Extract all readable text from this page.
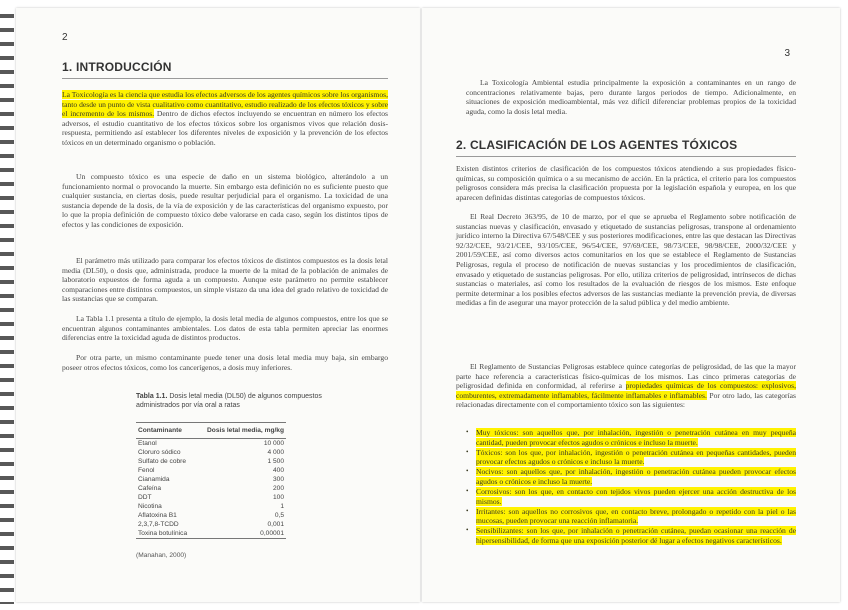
2
1. INTRODUCCIÓN

La Toxicología es la ciencia que estudia los efectos adversos de los agentes químicos sobre los organismos, tanto desde un punto de vista cualitativo como cuantitativo, estudio realizado de los efectos tóxicos y sobre el incremento de los mismos. Dentro de dichos efectos incluyendo se encuentran en número los efectos adversos, el estudio cuantitativo de los efectos tóxicos sobre los organismos vivos que relación dosis-respuesta, permitiendo así establecer los diferentes niveles de exposición y la prevención de los efectos tóxicos en un determinado organismo o población.

Un compuesto tóxico es una especie de daño en un sistema biológico, alterándolo a un funcionamiento normal o provocando la muerte. Sin embargo esta definición no es suficiente puesto que cualquier sustancia, en ciertas dosis, puede resultar perjudicial para el organismo. La toxicidad de una sustancia depende de la dosis, de la vía de exposición y de las características del organismo expuesto, por lo que la propia definición de compuesto tóxico debe valorarse en cada caso, según los distintos tipos de efectos y las condiciones de exposición.

El parámetro más utilizado para comparar los efectos tóxicos de distintos compuestos es la dosis letal media (DL50), o dosis que, administrada, produce la muerte de la mitad de la población de animales de laboratorio expuestos de forma aguda a un compuesto. Aunque este parámetro no permite establecer comparaciones entre distintos compuestos, un simple vistazo da una idea del grado relativo de toxicidad de las sustancias que se comparan.

La Tabla 1.1 presenta a título de ejemplo, la dosis letal media de algunos compuestos, entre los que se encuentran algunos contaminantes ambientales. Los datos de esta tabla permiten apreciar las enormes diferencias entre la toxicidad aguda de distintos productos.

Por otra parte, un mismo contaminante puede tener una dosis letal media muy baja, sin embargo poseer otros efectos tóxicos, como los cancerígenos, a dosis muy inferiores.

Tabla 1.1. Dosis letal media (DL50) de algunos compuestos administrados por vía oral a ratas
Contaminante	Dosis letal media, mg/kg
Etanol	10 000
Cloruro sódico	4 000
Sulfato de cobre	1 500
Fenol	400
Cianamida	300
Cafeína	200
DDT	100
Nicotina	1
Aflatoxina B1	0,5
2,3,7,8-TCDD	0,001
Toxina botulínica	0,00001
(Manahan, 2000)

La Toxicología Ambiental estudia principalmente la exposición a contaminantes en un rango de concentraciones relativamente bajas, pero durante largos periodos de tiempo. Adicionalmente, en situaciones de exposición medioambiental, más vez difícil diferenciar problemas propios de la toxicidad aguda, como la dosis letal media.

3
2. CLASIFICACIÓN DE LOS AGENTES TÓXICOS

Existen distintos criterios de clasificación de los compuestos tóxicos atendiendo a sus propiedades físico-químicas, su composición química o a su mecanismo de acción. En la práctica, el criterio para los compuestos peligrosos considera más precisa la clasificación propuesta por la legislación española y europea, en los que aparecen definidas distintas categorías de compuestos tóxicos.

El Real Decreto 363/95, de 10 de marzo, por el que se aprueba el Reglamento sobre notificación de sustancias nuevas y clasificación, envasado y etiquetado de sustancias peligrosas, transpone al ordenamiento jurídico interno la Directiva 67/548/CEE y sus posteriores modificaciones, entre las que destacan las Directivas 92/32/CEE, 93/21/CEE, 93/105/CEE, 96/54/CEE, 97/69/CEE, 98/73/CEE, 98/98/CEE, 2000/32/CEE y 2001/59/CEE, así como diversos actos comunitarios en los que se establece el Reglamento de Sustancias Peligrosas, regula el proceso de notificación de nuevas sustancias y los procedimientos de clasificación, envasado y etiquetado de sustancias peligrosas. Por ello, utiliza criterios de peligrosidad, intrínsecos de dichas sustancias o materiales, así como los resultados de la evaluación de riesgos de los mismos. Este enfoque permite determinar a los posibles efectos adversos de las sustancias mediante la prevención previa, de diversas medidas a fin de asegurar una mayor protección de la salud pública y del medio ambiente.

El Reglamento de Sustancias Peligrosas establece quince categorías de peligrosidad, de las que la mayor parte hace referencia a características físico-químicas de los mismos. Las cinco primeras categorías de peligrosidad definida en conformidad, al referirse a propiedades químicas de los compuestos: explosivos, comburentes, extremadamente inflamables, fácilmente inflamables e inflamables. Por otro lado, las categorías relacionadas directamente con el comportamiento tóxico son las siguientes:

• Muy tóxicos: son aquellos que, por inhalación, ingestión o penetración cutánea en muy pequeña cantidad, pueden provocar efectos agudos o crónicos e incluso la muerte.
• Tóxicos: son los que, por inhalación, ingestión o penetración cutánea en pequeñas cantidades, pueden provocar efectos agudos o crónicos e incluso la muerte.
• Nocivos: son aquellos que, por inhalación, ingestión o penetración cutánea pueden provocar efectos agudos o crónicos e incluso la muerte.
• Corrosivos: son los que, en contacto con tejidos vivos pueden ejercer una acción destructiva de los mismos.
• Irritantes: son aquellos no corrosivos que, en contacto breve, prolongado o repetido con la piel o las mucosas, pueden provocar una reacción inflamatoria.
• Sensibilizantes: son los que, por inhalación o penetración cutánea, puedan ocasionar una reacción de hipersensibilidad, de forma que una exposición posterior dé lugar a efectos negativos característicos.
